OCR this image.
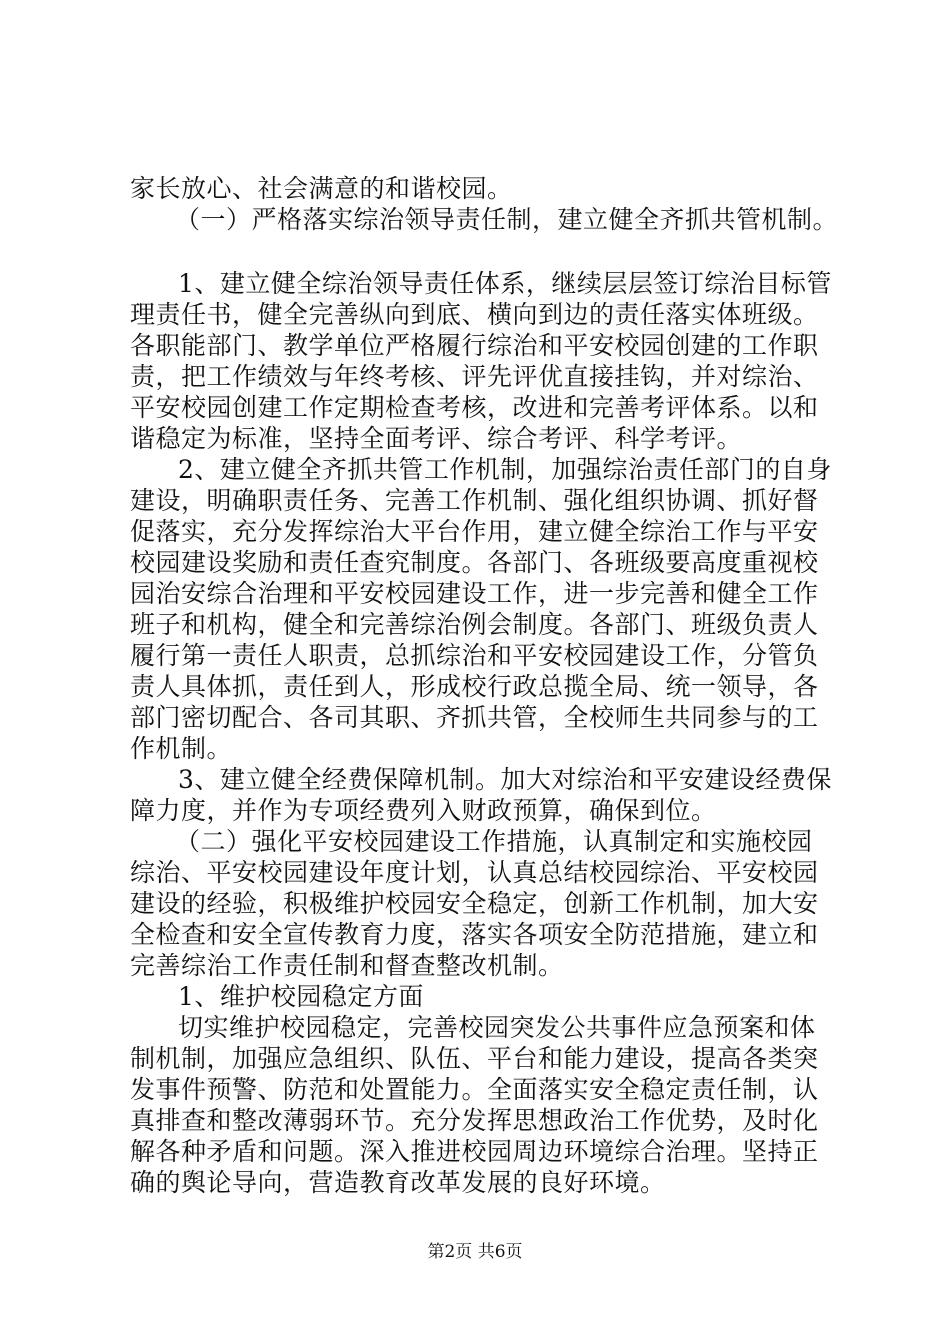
家长放心、社会满意的和谐校园。
（一）严格落实综治领导责任制，建立健全齐抓共管机制。
1、建立健全综治领导责任体系，继续层层签订综治目标管
理责任书，健全完善纵向到底、横向到边的责任落实体班级。
各职能部门、教学单位严格履行综治和平安校园创建的工作职
责，把工作绩效与年终考核、评先评优直接挂钩，并对综治、
平安校园创建工作定期检查考核，改进和完善考评体系。以和
谐稳定为标准，坚持全面考评、综合考评、科学考评。
2、建立健全齐抓共管工作机制，加强综治责任部门的自身
建设，明确职责任务、完善工作机制、强化组织协调、抓好督
促落实，充分发挥综治大平台作用，建立健全综治工作与平安
校园建设奖励和责任查究制度。各部门、各班级要高度重视校
园治安综合治理和平安校园建设工作，进一步完善和健全工作
班子和机构，健全和完善综治例会制度。各部门、班级负责人
履行第一责任人职责，总抓综治和平安校园建设工作，分管负
责人具体抓，责任到人，形成校行政总揽全局、统一领导，各
部门密切配合、各司其职、齐抓共管，全校师生共同参与的工
作机制。
3、建立健全经费保障机制。加大对综治和平安建设经费保
障力度，并作为专项经费列入财政预算，确保到位。
（二）强化平安校园建设工作措施，认真制定和实施校园
综治、平安校园建设年度计划，认真总结校园综治、平安校园
建设的经验，积极维护校园安全稳定，创新工作机制，加大安
全检查和安全宣传教育力度，落实各项安全防范措施，建立和
完善综治工作责任制和督查整改机制。
1、维护校园稳定方面
切实维护校园稳定，完善校园突发公共事件应急预案和体
制机制，加强应急组织、队伍、平台和能力建设，提高各类突
发事件预警、防范和处置能力。全面落实安全稳定责任制，认
真排查和整改薄弱环节。充分发挥思想政治工作优势，及时化
解各种矛盾和问题。深入推进校园周边环境综合治理。坚持正
确的舆论导向，营造教育改革发展的良好环境。
第2页 共6页
